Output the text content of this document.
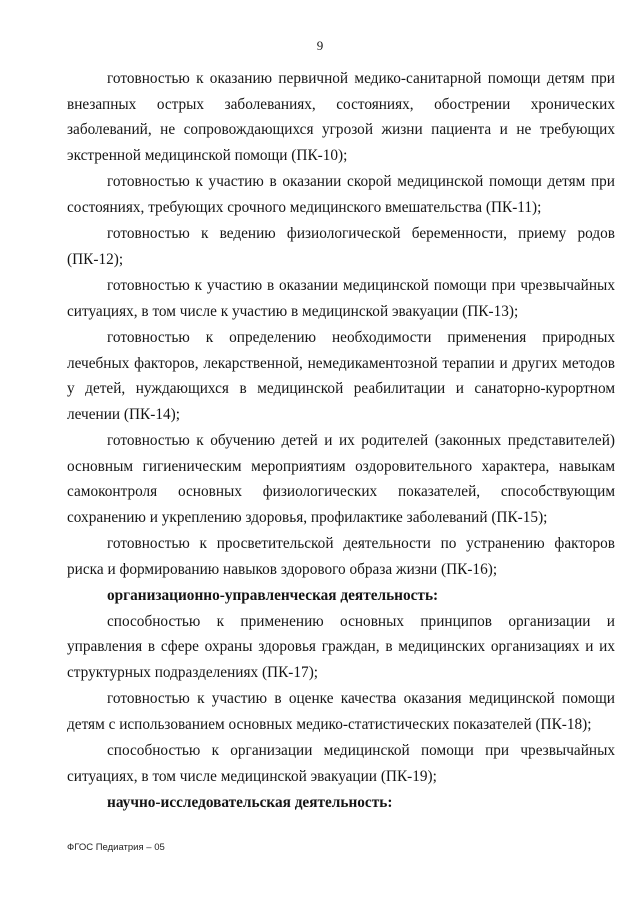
9

готовностью к оказанию первичной медико-санитарной помощи детям при внезапных острых заболеваниях, состояниях, обострении хронических заболеваний, не сопровождающихся угрозой жизни пациента и не требующих экстренной медицинской помощи (ПК-10);

готовностью к участию в оказании скорой медицинской помощи детям при состояниях, требующих срочного медицинского вмешательства (ПК-11);

готовностью к ведению физиологической беременности, приему родов (ПК-12);

готовностью к участию в оказании медицинской помощи при чрезвычайных ситуациях, в том числе к участию в медицинской эвакуации (ПК-13);

готовностью к определению необходимости применения природных лечебных факторов, лекарственной, немедикаментозной терапии и других методов у детей, нуждающихся в медицинской реабилитации и санаторно-курортном лечении (ПК-14);

готовностью к обучению детей и их родителей (законных представителей) основным гигиеническим мероприятиям оздоровительного характера, навыкам самоконтроля основных физиологических показателей, способствующим сохранению и укреплению здоровья, профилактике заболеваний (ПК-15);

готовностью к просветительской деятельности по устранению факторов риска и формированию навыков здорового образа жизни (ПК-16);

организационно-управленческая деятельность:

способностью к применению основных принципов организации и управления в сфере охраны здоровья граждан, в медицинских организациях и их структурных подразделениях (ПК-17);

готовностью к участию в оценке качества оказания медицинской помощи детям с использованием основных медико-статистических показателей (ПК-18);

способностью к организации медицинской помощи при чрезвычайных ситуациях, в том числе медицинской эвакуации (ПК-19);

научно-исследовательская деятельность:

ФГОС Педиатрия – 05
